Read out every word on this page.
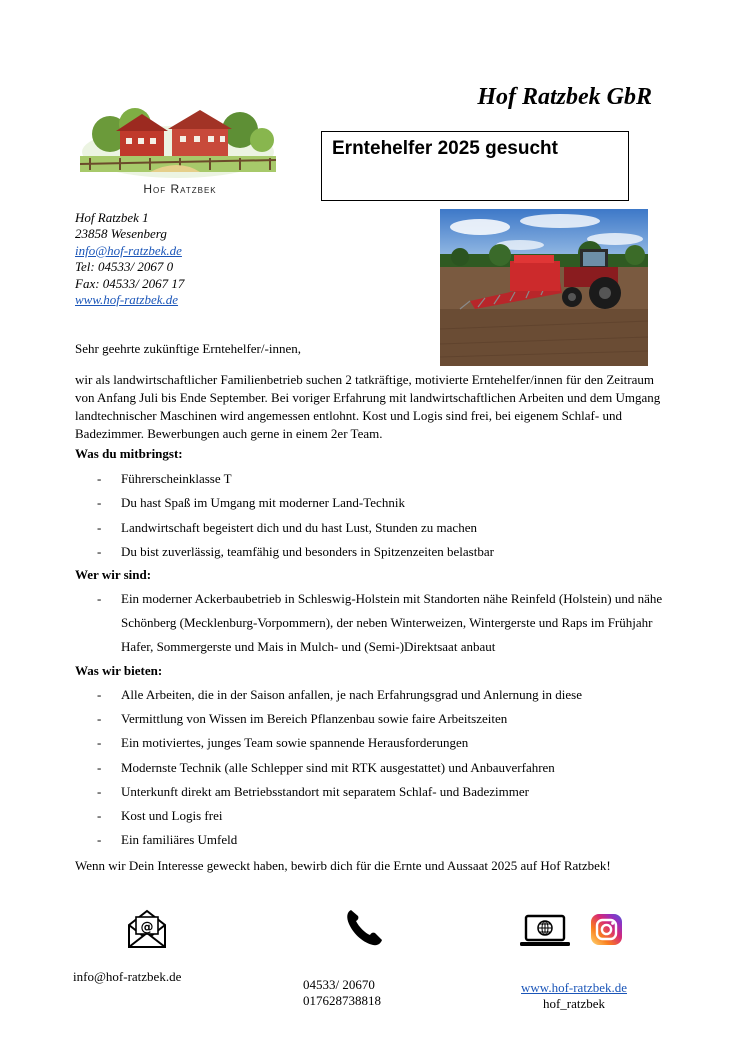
Hof Ratzbek GbR
Hof Ratzbek
Erntehelfer 2025 gesucht
Hof Ratzbek 1
23858 Wesenberg
info@hof-ratzbek.de
Tel: 04533/ 2067 0
Fax: 04533/ 2067 17
www.hof-ratzbek.de
Sehr geehrte zukünftige Erntehelfer/-innen,
wir als landwirtschaftlicher Familienbetrieb suchen 2 tatkräftige, motivierte Erntehelfer/innen für den Zeitraum von Anfang Juli bis Ende September. Bei voriger Erfahrung mit landwirtschaftlichen Arbeiten und dem Umgang landtechnischer Maschinen wird angemessen entlohnt. Kost und Logis sind frei, bei eigenem Schlaf- und Badezimmer. Bewerbungen auch gerne in einem 2er Team.
Was du mitbringst:
- Führerscheinklasse T
- Du hast Spaß im Umgang mit moderner Land-Technik
- Landwirtschaft begeistert dich und du hast Lust, Stunden zu machen
- Du bist zuverlässig, teamfähig und besonders in Spitzenzeiten belastbar
Wer wir sind:
- Ein moderner Ackerbaubetrieb in Schleswig-Holstein mit Standorten nähe Reinfeld (Holstein) und nähe Schönberg (Mecklenburg-Vorpommern), der neben Winterweizen, Wintergerste und Raps im Frühjahr Hafer, Sommergerste und Mais in Mulch- und (Semi-)Direktsaat anbaut
Was wir bieten:
- Alle Arbeiten, die in der Saison anfallen, je nach Erfahrungsgrad und Anlernung in diese
- Vermittlung von Wissen im Bereich Pflanzenbau sowie faire Arbeitszeiten
- Ein motiviertes, junges Team sowie spannende Herausforderungen
- Modernste Technik (alle Schlepper sind mit RTK ausgestattet) und Anbauverfahren
- Unterkunft direkt am Betriebsstandort mit separatem Schlaf- und Badezimmer
- Kost und Logis frei
- Ein familiäres Umfeld
Wenn wir Dein Interesse geweckt haben, bewirb dich für die Ernte und Aussaat 2025 auf Hof Ratzbek!
@
info@hof-ratzbek.de
04533/ 20670
017628738818
www.hof-ratzbek.de
hof_ratzbek
